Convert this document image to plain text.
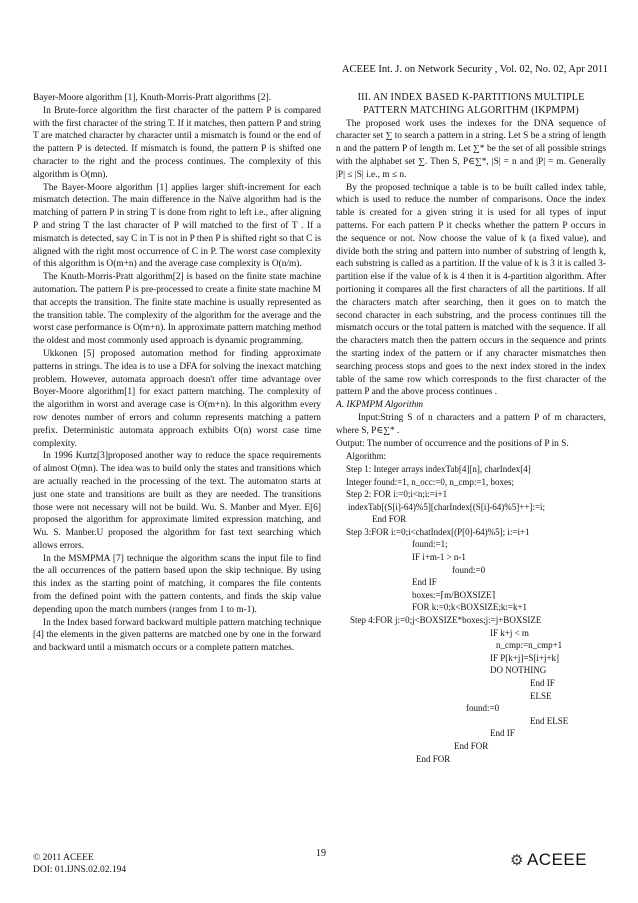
ACEEE Int. J. on Network Security , Vol. 02, No. 02, Apr 2011

Bayer-Moore algorithm [1], Knuth-Morris-Pratt algorithms [2].

In Brute-force algorithm the first character of the pattern P is compared with the first character of the string T. If it matches, then pattern P and string T are matched character by character until a mismatch is found or the end of the pattern P is detected. If mismatch is found, the pattern P is shifted one character to the right and the process continues. The complexity of this algorithm is O(mn).

The Bayer-Moore algorithm [1] applies larger shift-increment for each mismatch detection. The main difference in the Naïve algorithm had is the matching of pattern P in string T is done from right to left i.e., after aligning P and string T the last character of P will matched to the first of T . If a mismatch is detected, say C in T is not in P then P is shifted right so that C is aligned with the right most occurrence of C in P. The worst case complexity of this algorithm is O(m+n) and the average case complexity is O(n/m).

The Knuth-Morris-Pratt algorithm[2] is based on the finite state machine automation. The pattern P is pre-processed to create a finite state machine M that accepts the transition. The finite state machine is usually represented as the transition table. The complexity of the algorithm for the average and the worst case performance is O(m+n). In approximate pattern matching method the oldest and most commonly used approach is dynamic programming.

Ukkonen [5] proposed automation method for finding approximate patterns in strings. The idea is to use a DFA for solving the inexact matching problem. However, automata approach doesn't offer time advantage over Boyer-Moore algorithm[1] for exact pattern matching. The complexity of the algorithm in worst and average case is O(m+n). In this algorithm every row denotes number of errors and column represents matching a pattern prefix. Deterministic automata approach exhibits O(n) worst case time complexity.

In 1996 Kurtz[3]proposed another way to reduce the space requirements of almost O(mn). The idea was to build only the states and transitions which are actually reached in the processing of the text. The automaton starts at just one state and transitions are built as they are needed. The transitions those were not necessary will not be build. Wu. S. Manber and Myer. E[6] proposed the algorithm for approximate limited expression matching, and Wu. S. Manber.U proposed the algorithm for fast text searching which allows errors.

In the MSMPMA [7] technique the algorithm scans the input file to find the all occurrences of the pattern based upon the skip technique. By using this index as the starting point of matching, it compares the file contents from the defined point with the pattern contents, and finds the skip value depending upon the match numbers (ranges from 1 to m-1).

In the Index based forward backward multiple pattern matching technique [4] the elements in the given patterns are matched one by one in the forward and backward until a mismatch occurs or a complete pattern matches.

III. AN INDEX BASED K-PARTITIONS MULTIPLE PATTERN MATCHING ALGORITHM (IKPMPM)

The proposed work uses the indexes for the DNA sequence of character set ∑ to search a pattern in a string. Let S be a string of length n and the pattern P of length m. Let ∑* be the set of all possible strings with the alphabet set ∑. Then S, P∈∑*, |S| = n and |P| = m. Generally |P| ≤ |S| i.e., m ≤ n.

By the proposed technique a table is to be built called index table, which is used to reduce the number of comparisons. Once the index table is created for a given string it is used for all types of input patterns. For each pattern P it checks whether the pattern P occurs in the sequence or not. Now choose the value of k (a fixed value), and divide both the string and pattern into number of substring of length k, each substring is called as a partition. If the value of k is 3 it is called 3-partition else if the value of k is 4 then it is 4-partition algorithm. After portioning it compares all the first characters of all the partitions. If all the characters match after searching, then it goes on to match the second character in each substring, and the process continues till the mismatch occurs or the total pattern is matched with the sequence. If all the characters match then the pattern occurs in the sequence and prints the starting index of the pattern or if any character mismatches then searching process stops and goes to the next index stored in the index table of the same row which corresponds to the first character of the pattern P and the above process continues .

A. IKPMPM Algorithm

Input:String S of n characters and a pattern P of m characters, where S, P∈∑* .

Output: The number of occurrence and the positions of P in S.

Algorithm:
Step 1: Integer arrays indexTab[4][n], charIndex[4]
Integer found:=1, n_occ:=0, n_cmp:=1, boxes;
Step 2: FOR i:=0;i<n;i:=i+1
indexTab[(S[i]-64)%5][charIndex[(S[i]-64)%5]++]:=i;
End FOR
Step 3:FOR i:=0;i<chatIndex[(P[0]-64)%5]; i:=i+1
found:=1;
IF i+m-1 > n-1
found:=0
End IF
boxes:=⌈m/BOXSIZE⌉
FOR k:=0;k<BOXSIZE;k:=k+1
Step 4:FOR j:=0;j<BOXSIZE*boxes;j:=j+BOXSIZE
IF k+j < m
n_cmp:=n_cmp+1
IF P[k+j]=S[i+j+k]
DO NOTHING
End IF
ELSE
found:=0
End ELSE
End IF
End FOR
End FOR
© 2011 ACEEE
DOI: 01.IJNS.02.02.194
19	⚙ ACEEE
